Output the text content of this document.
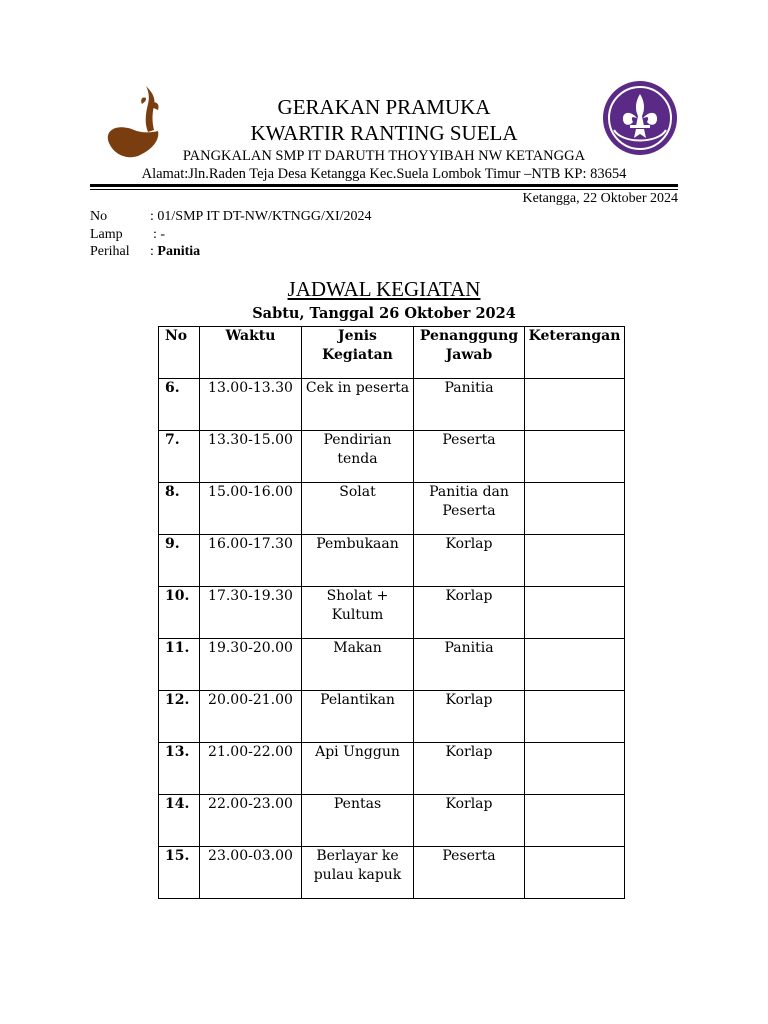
GERAKAN PRAMUKA
KWARTIR RANTING SUELA
PANGKALAN SMP IT DARUTH THOYYIBAH NW KETANGGA
Alamat:Jln.Raden Teja Desa Ketangga Kec.Suela Lombok Timur –NTB KP: 83654
Ketangga, 22 Oktober 2024
No	: 01/SMP IT DT-NW/KTNGG/XI/2024
Lamp : -
Perihal : Panitia
JADWAL KEGIATAN
Sabtu, Tanggal 26 Oktober 2024
No	Waktu	Jenis Kegiatan	Penanggung Jawab	Keterangan
6.	13.00-13.30	Cek in peserta	Panitia	
7.	13.30-15.00	Pendirian tenda	Peserta	
8.	15.00-16.00	Solat	Panitia dan Peserta	
9.	16.00-17.30	Pembukaan	Korlap	
10.	17.30-19.30	Sholat + Kultum	Korlap	
11.	19.30-20.00	Makan	Panitia	
12.	20.00-21.00	Pelantikan	Korlap	
13.	21.00-22.00	Api Unggun	Korlap	
14.	22.00-23.00	Pentas	Korlap	
15.	23.00-03.00	Berlayar ke pulau kapuk	Peserta	
